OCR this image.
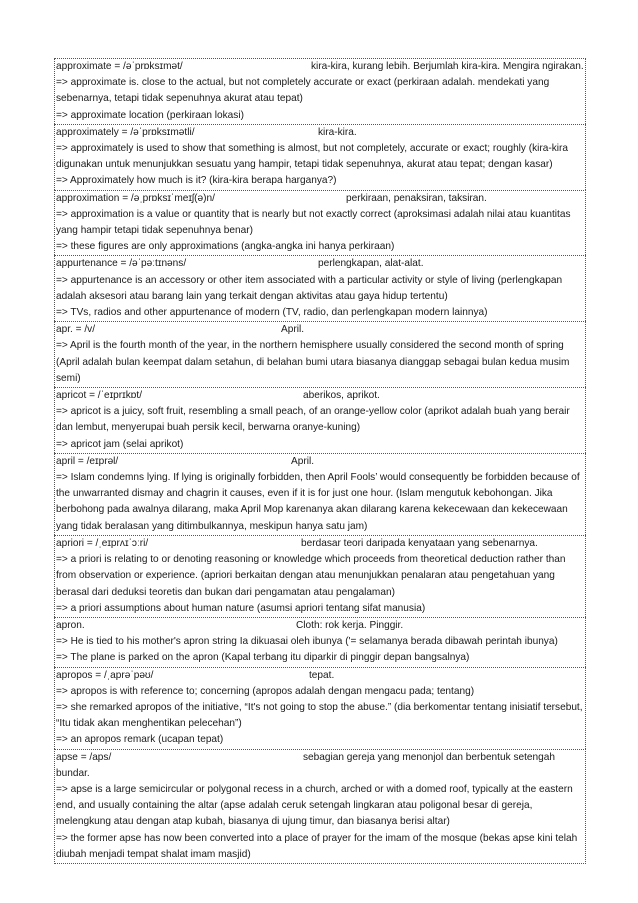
approximate = /əˈprɒksɪmət/	kira-kira, kurang lebih. Berjumlah kira-kira. Mengira ngirakan.
=> approximate is. close to the actual, but not completely accurate or exact (perkiraan adalah. mendekati yang sebenarnya, tetapi tidak sepenuhnya akurat atau tepat)
=> approximate location (perkiraan lokasi)
approximately = /əˈprɒksɪmətli/	kira-kira.
=> approximately is used to show that something is almost, but not completely, accurate or exact; roughly (kira-kira digunakan untuk menunjukkan sesuatu yang hampir, tetapi tidak sepenuhnya, akurat atau tepat; dengan kasar)
=> Approximately how much is it? (kira-kira berapa harganya?)
approximation = /əˌprɒksɪˈmeɪʃ(ə)n/	perkiraan, penaksiran, taksiran.
=> approximation is a value or quantity that is nearly but not exactly correct (aproksimasi adalah nilai atau kuantitas yang hampir tetapi tidak sepenuhnya benar)
=> these figures are only approximations (angka-angka ini hanya perkiraan)
appurtenance = /əˈpəːtɪnəns/	perlengkapan, alat-alat.
=> appurtenance is an accessory or other item associated with a particular activity or style of living (perlengkapan adalah aksesori atau barang lain yang terkait dengan aktivitas atau gaya hidup tertentu)
=> TVs, radios and other appurtenance of modern (TV, radio, dan perlengkapan modern lainnya)
apr. = /v/	April.
=> April is the fourth month of the year, in the northern hemisphere usually considered the second month of spring (April adalah bulan keempat dalam setahun, di belahan bumi utara biasanya dianggap sebagai bulan kedua musim semi)
apricot = /ˈeɪprɪkɒt/	aberikos, aprikot.
=> apricot is a juicy, soft fruit, resembling a small peach, of an orange-yellow color (aprikot adalah buah yang berair dan lembut, menyerupai buah persik kecil, berwarna oranye-kuning)
=> apricot jam (selai aprikot)
april = /eɪprəl/	April.
=> Islam condemns lying. If lying is originally forbidden, then April Fools’ would consequently be forbidden because of the unwarranted dismay and chagrin it causes, even if it is for just one hour. (Islam mengutuk kebohongan. Jika berbohong pada awalnya dilarang, maka April Mop karenanya akan dilarang karena kekecewaan dan kekecewaan yang tidak beralasan yang ditimbulkannya, meskipun hanya satu jam)
apriori = /ˌeɪprʌɪˈɔːri/	berdasar teori daripada kenyataan yang sebenarnya.
=> a priori is relating to or denoting reasoning or knowledge which proceeds from theoretical deduction rather than from observation or experience. (apriori berkaitan dengan atau menunjukkan penalaran atau pengetahuan yang berasal dari deduksi teoretis dan bukan dari pengamatan atau pengalaman)
=> a priori assumptions about human nature (asumsi apriori tentang sifat manusia)
apron.	Cloth: rok kerja. Pinggir.
=> He is tied to his mother's apron string Ia dikuasai oleh ibunya ('= selamanya berada dibawah perintah ibunya)
=> The plane is parked on the apron (Kapal terbang itu diparkir di pinggir depan bangsalnya)
apropos = /ˌaprəˈpəʊ/	tepat.
=> apropos is with reference to; concerning (apropos adalah dengan mengacu pada; tentang)
=> she remarked apropos of the initiative, “It's not going to stop the abuse.” (dia berkomentar tentang inisiatif tersebut, “Itu tidak akan menghentikan pelecehan”)
=> an apropos remark (ucapan tepat)
apse = /aps/	sebagian gereja yang menonjol dan berbentuk setengah bundar.
=> apse is a large semicircular or polygonal recess in a church, arched or with a domed roof, typically at the eastern end, and usually containing the altar (apse adalah ceruk setengah lingkaran atau poligonal besar di gereja, melengkung atau dengan atap kubah, biasanya di ujung timur, dan biasanya berisi altar)
=> the former apse has now been converted into a place of prayer for the imam of the mosque (bekas apse kini telah diubah menjadi tempat shalat imam masjid)
